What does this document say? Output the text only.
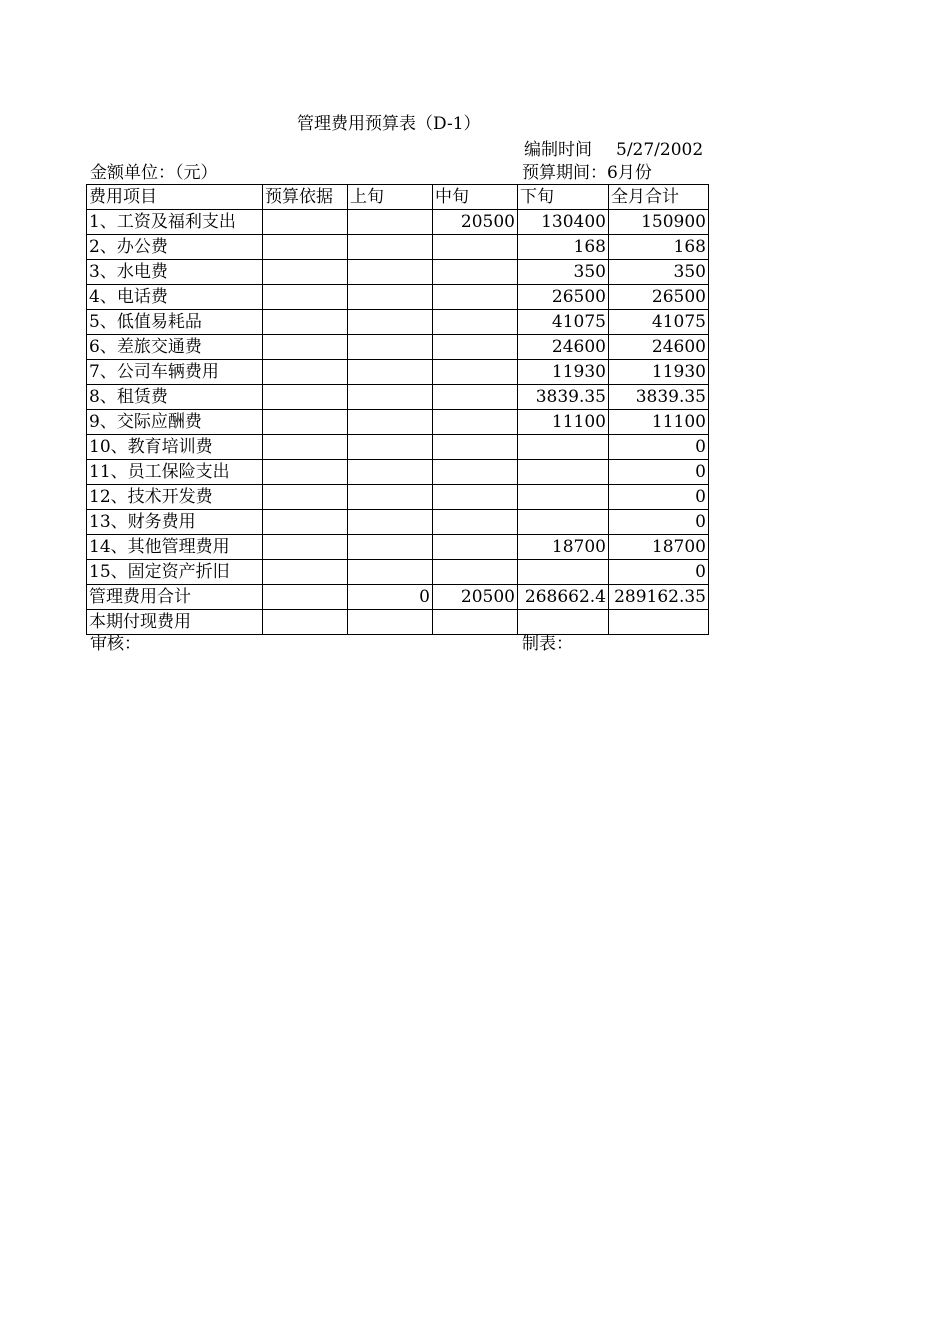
管理费用预算表（D-1）
编制时间 5/27/2002
金额单位：（元）	预算期间：6月份
费用项目	预算依据	上旬	中旬	下旬	全月合计
1、工资及福利支出			20500	130400	150900
2、办公费				168	168
3、水电费				350	350
4、电话费				26500	26500
5、低值易耗品				41075	41075
6、差旅交通费				24600	24600
7、公司车辆费用				11930	11930
8、租赁费				3839.35	3839.35
9、交际应酬费				11100	11100
10、教育培训费					0
11、员工保险支出					0
12、技术开发费					0
13、财务费用					0
14、其他管理费用				18700	18700
15、固定资产折旧					0
管理费用合计		0	20500	268662.4	289162.35
本期付现费用					
审核：	制表：
